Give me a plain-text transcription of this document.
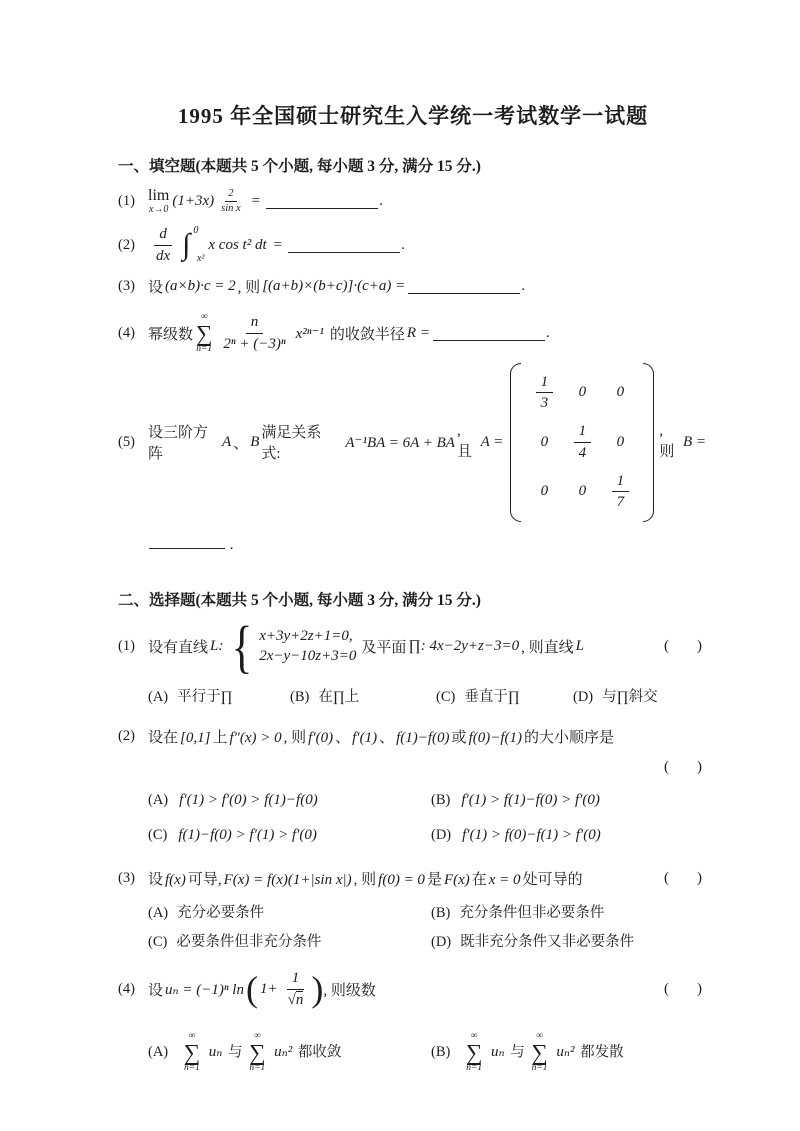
1995 年全国硕士研究生入学统一考试数学一试题
一、填空题(本题共 5 个小题, 每小题 3 分, 满分 15 分.)
(1) lim
x→0
$(1+3x) \frac{2}{\text{sin x}}$ =	.
(2)	$\frac{d}{dx}$ ∫ 0
x²
x cos t² dt =	.
(3) 设 (a×b)·c = 2 , 则 [(a+b)×(b+c)]·(c+a) =	.
(4) 幂级数
∞
∑
$n=1 \frac{n}{\text{2ⁿ + (−3)ⁿ}} x^{2n-1}$ 的收敛半径 R =	.
(5)
设三阶方阵
A 、 B
满足关系式:
A⁻¹BA = 6A + BA
, 且
A =
$\frac{1}{3} 0$ 0
$0 \frac{1}{4} 0$
0 $0 \frac{1}{7}$
, 则
B =
.
二、选择题(本题共 5 个小题, 每小题 3 分, 满分 15 分.)
(1) 设有直线 L: { x+3y+2z+1=0,
2x−y−10z+3=0 及平面 ∏: 4x−2y+z−3=0 , 则直线 L	( )
(A) 平行于∏	(B) 在∏上	(C) 垂直于∏	(D) 与∏斜交
(2) 设在 [0,1] 上 f″(x) > 0 , 则 f′(0) 、 f′(1) 、 f(1)−f(0) 或 f(0)−f(1) 的大小顺序是
( )
(A) f′(1) > f′(0) > f(1)−f(0)	(B) f′(1) > f(1)−f(0) > f′(0)
(C) f(1)−f(0) > f′(1) > f′(0)	(D) f′(1) > f(0)−f(1) > f′(0)
(3) 设 f(x) 可导, F(x) = f(x)(1+|sin x|) , 则 f(0) = 0 是 F(x) 在 x = 0 处可导的	( )
(A) 充分必要条件	(B) 充分条件但非必要条件
(C) 必要条件但非充分条件	(D) 既非充分条件又非必要条件
(4) 设 uₙ = (−1)ⁿ ln ( $1+ \frac{1}{√n}$ ) , 则级数	( )
(A)
∞
∑
n=1
uₙ 与
∞
∑
n=1
uₙ² 都收敛	(B)
∞
∑
n=1
uₙ 与
∞
∑
n=1
uₙ² 都发散
